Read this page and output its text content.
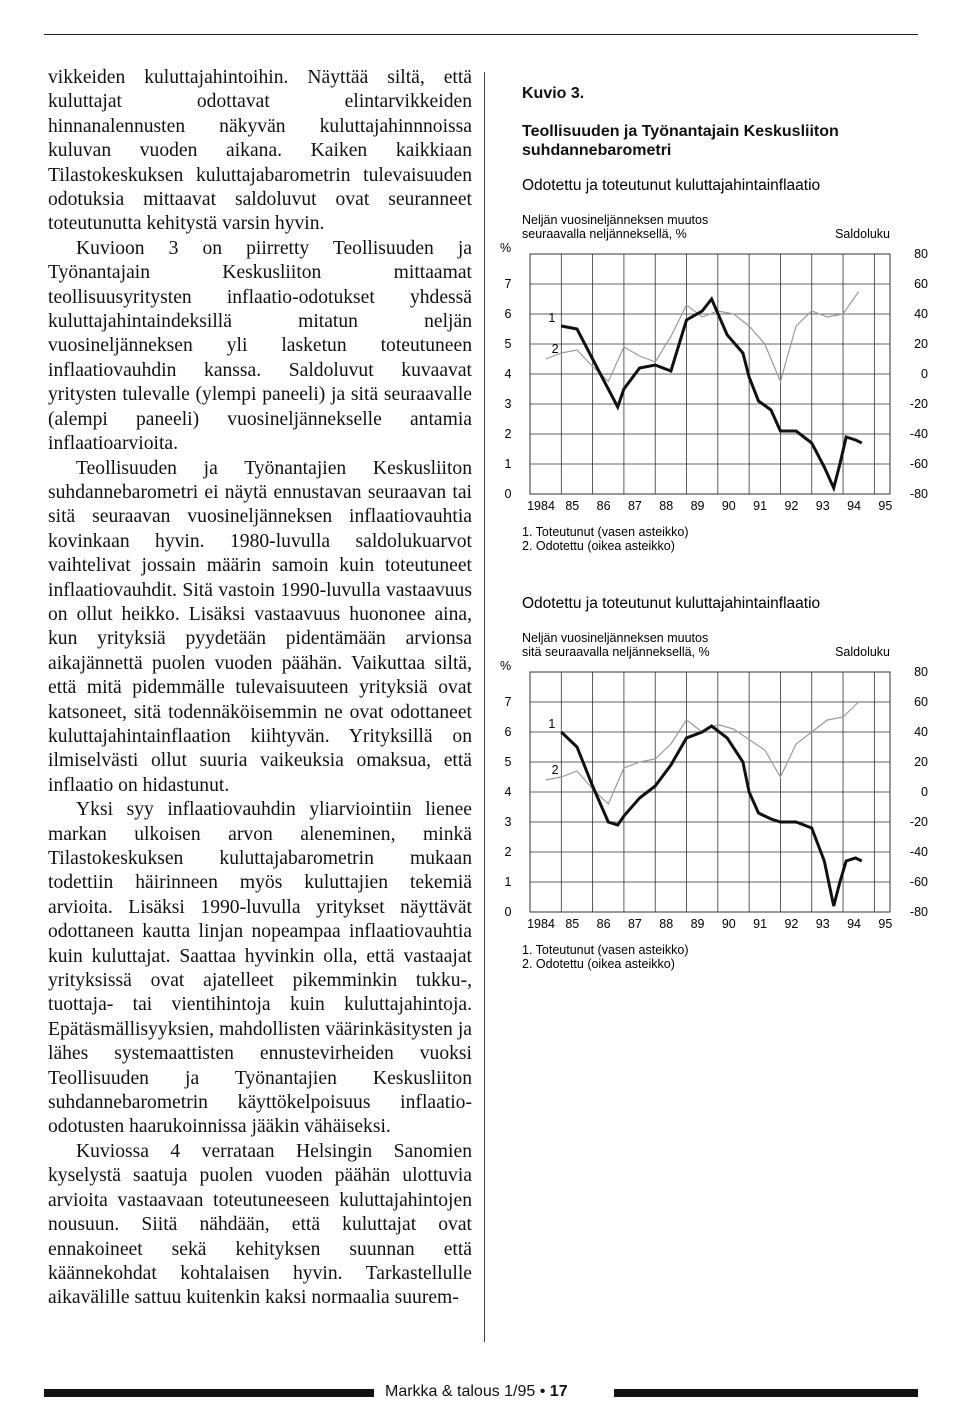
vikkeiden kuluttajahintoihin. Näyttää siltä, että kuluttajat odottavat elintarvikkeiden hinnanalennusten näkyvän kuluttajahinnnoissa kuluvan vuoden aikana. Kaiken kaikkiaan Tilastokeskuksen kuluttajabarometrin tulevaisuuden odotuksia mittaavat saldoluvut ovat seuranneet toteutunutta kehitystä varsin hyvin.

Kuvioon 3 on piirretty Teollisuuden ja Työnantajain Keskusliiton mittaamat teollisuusyritysten inflaatio-odotukset yhdessä kuluttajahintaindeksillä mitatun neljän vuosineljänneksen yli lasketun toteutuneen inflaatiovauhdin kanssa. Saldoluvut kuvaavat yritysten tulevalle (ylempi paneeli) ja sitä seuraavalle (alempi paneeli) vuosineljännekselle antamia inflaatioarvioita.

Teollisuuden ja Työnantajien Keskusliiton suhdannebarometri ei näytä ennustavan seuraavan tai sitä seuraavan vuosineljänneksen inflaatiovauhtia kovinkaan hyvin. 1980-luvulla saldolukuarvot vaihtelivat jossain määrin samoin kuin toteutuneet inflaatiovauhdit. Sitä vastoin 1990-luvulla vastaavuus on ollut heikko. Lisäksi vastaavuus huononee aina, kun yrityksiä pyydetään pidentämään arvionsa aikajännettä puolen vuoden päähän. Vaikuttaa siltä, että mitä pidemmälle tulevaisuuteen yrityksiä ovat katsoneet, sitä todennäköisemmin ne ovat odottaneet kuluttajahintainflaation kiihtyvän. Yrityksillä on ilmiselvästi ollut suuria vaikeuksia omaksua, että inflaatio on hidastunut.

Yksi syy inflaatiovauhdin yliarviointiin lienee markan ulkoisen arvon aleneminen, minkä Tilastokeskuksen kuluttajabarometrin mukaan todettiin häirinneen myös kuluttajien tekemiä arvioita. Lisäksi 1990-luvulla yritykset näyttävät odottaneen kautta linjan nopeampaa inflaatiovauhtia kuin kuluttajat. Saattaa hyvinkin olla, että vastaajat yrityksissä ovat ajatelleet pikemminkin tukku-, tuottaja- tai vientihintoja kuin kuluttajahintoja. Epätäsmällisyyksien, mahdollisten väärinkäsitysten ja lähes systemaattisten ennustevirheiden vuoksi Teollisuuden ja Työnantajien Keskusliiton suhdannebarometrin käyttökelpoisuus inflaatio-odotusten haarukoinnissa jääkin vähäiseksi.

Kuviossa 4 verrataan Helsingin Sanomien kyselystä saatuja puolen vuoden päähän ulottuvia arvioita vastaavaan toteutuneeseen kuluttajahintojen nousuun. Siitä nähdään, että kuluttajat ovat ennakoineet sekä kehityksen suunnan että käännekohdat kohtalaisen hyvin. Tarkastellulle aikavälille sattuu kuitenkin kaksi normaalia suurem-

Kuvio 3.
Teollisuuden ja Työnantajain Keskusliiton suhdannebarometri
Odotettu ja toteutunut kuluttajahintainflaatio
Neljän vuosineljänneksen muutos
seuraavalla neljänneksellä, %
%
Saldoluku
7
6
5
4
3
2
1
0
80
60
40
20
0
-20
-40
-60
-80
1984 85 86 87 88 89 90 91 92 93 94 95
2
1
1. Toteutunut (vasen asteikko)
2. Odotettu (oikea asteikko)
Odotettu ja toteutunut kuluttajahintainflaatio
Neljän vuosineljänneksen muutos
sitä seuraavalla neljänneksellä, %
%
Saldoluku
7
6
5
4
3
2
1
0
80
60
40
20
0
-20
-40
-60
-80
1984 85 86 87 88 89 90 91 92 93 94 95
2
1
1. Toteutunut (vasen asteikko)
2. Odotettu (oikea asteikko)
Markka & talous 1/95 • 17
